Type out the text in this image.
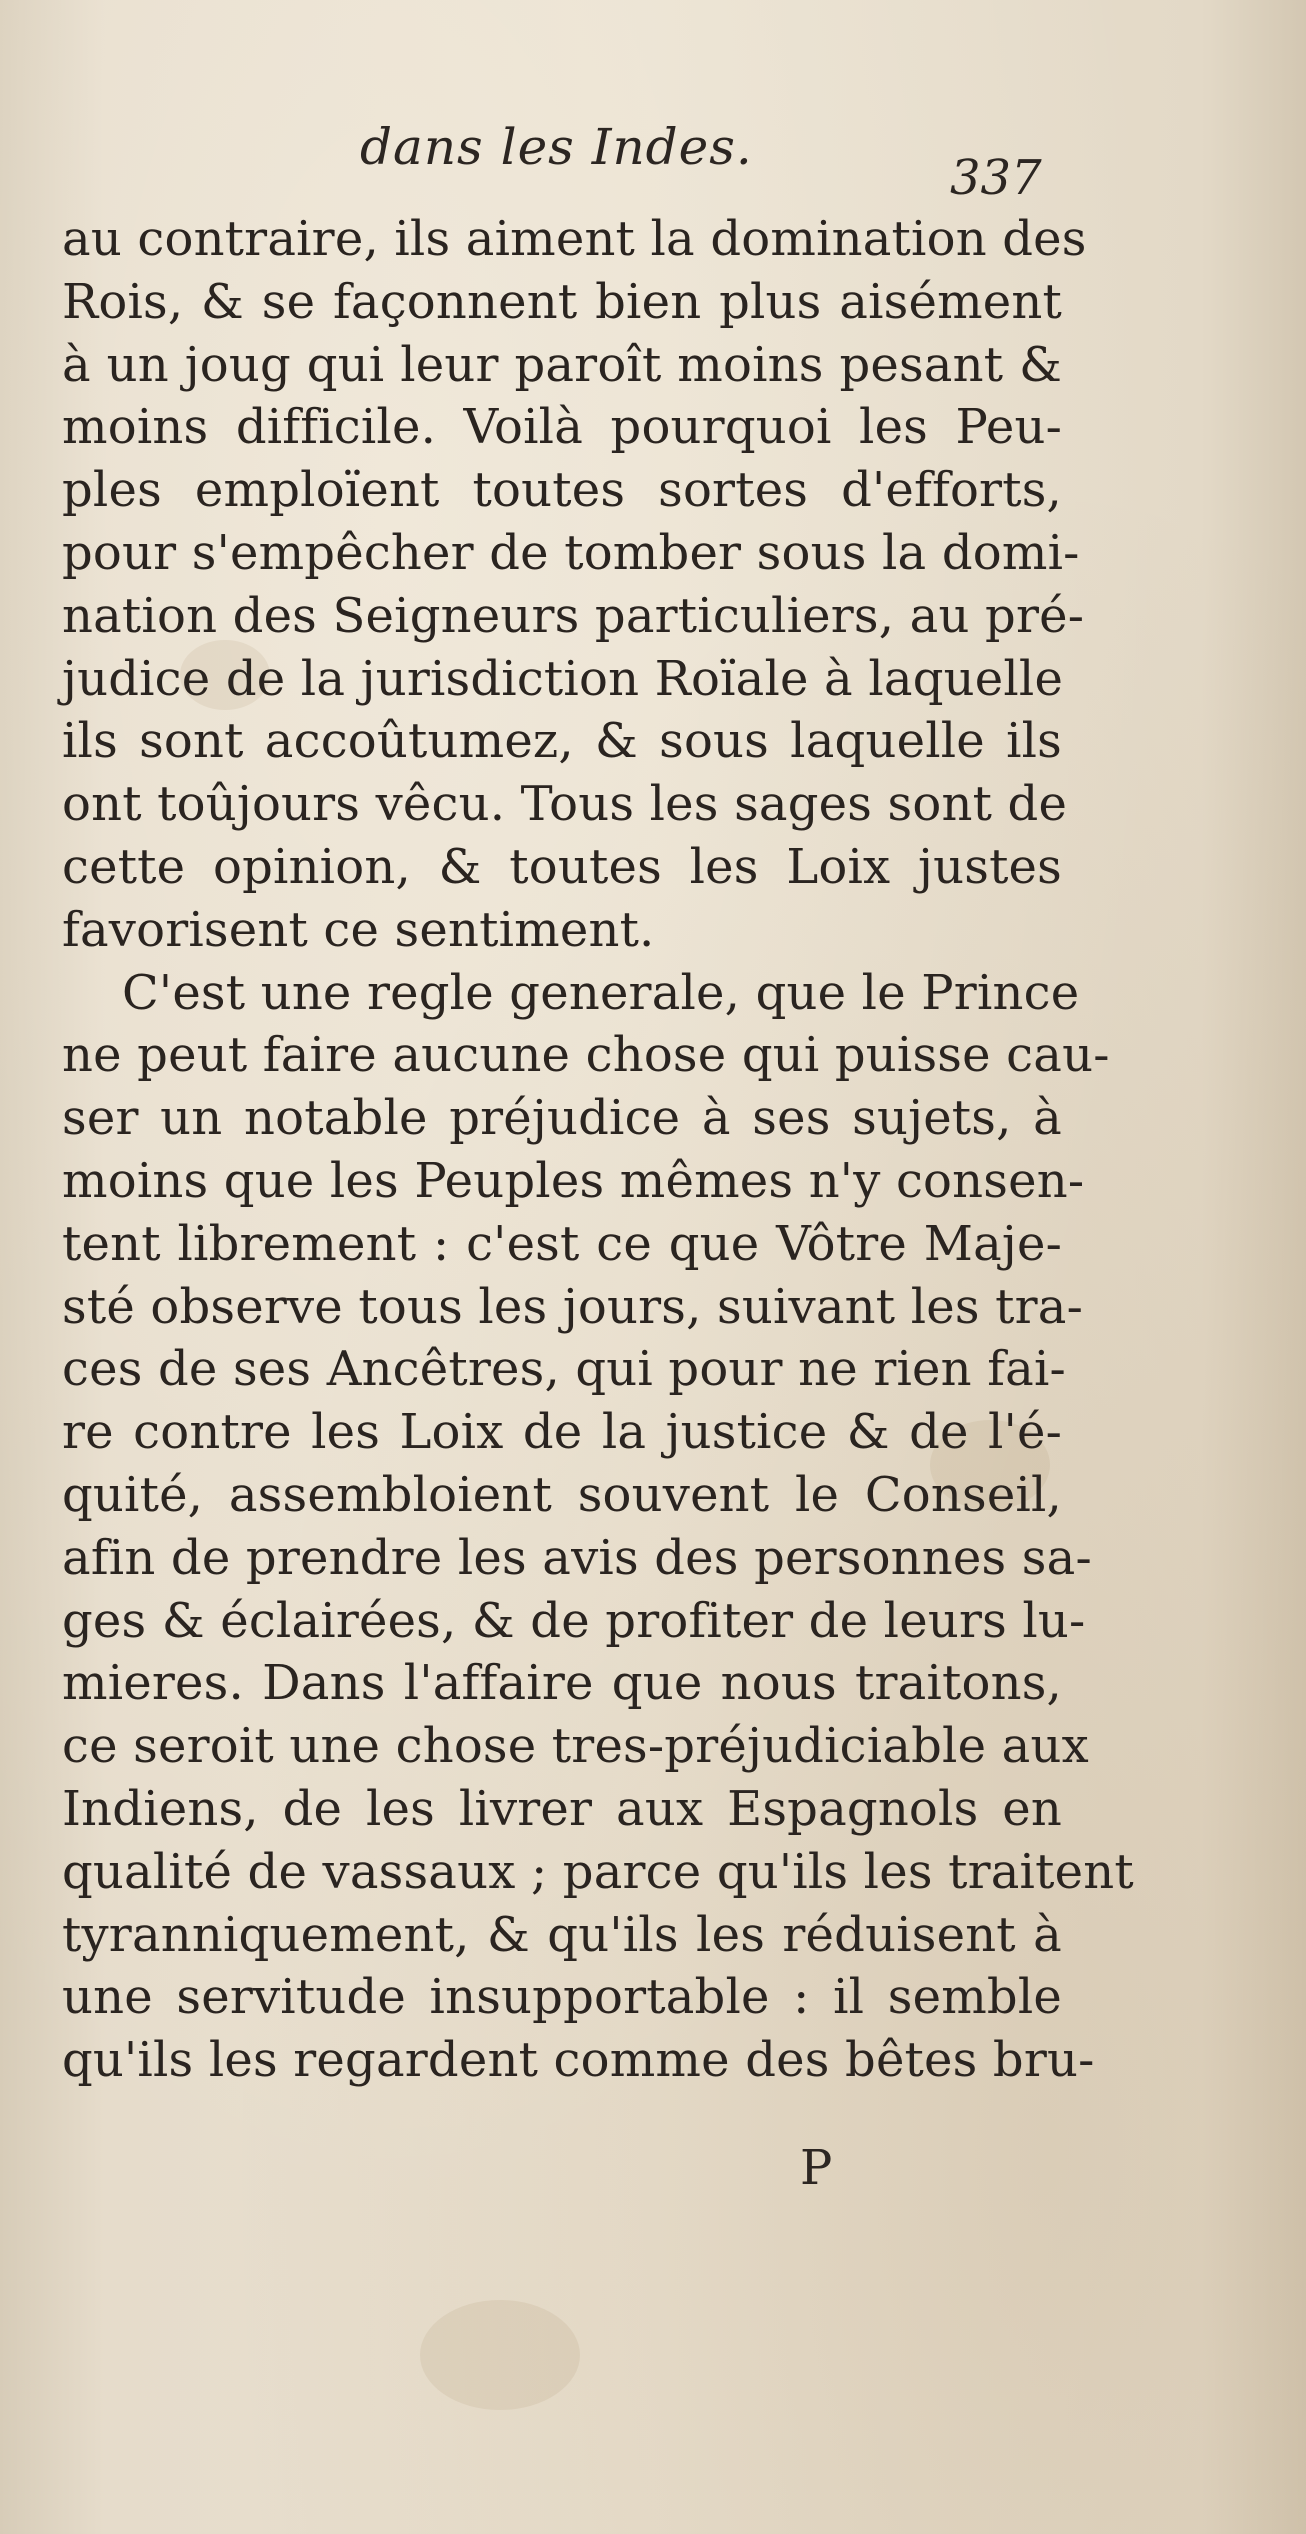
dans les Indes.
337
au contraire, ils aiment la domination des
Rois, & se façonnent bien plus aisément
à un joug qui leur paroît moins pesant &
moins difficile. Voilà pourquoi les Peu-
ples emploïent toutes sortes d'efforts,
pour s'empêcher de tomber sous la domi-
nation des Seigneurs particuliers, au pré-
judice de la jurisdiction Roïale à laquelle
ils sont accoûtumez, & sous laquelle ils
ont toûjours vêcu. Tous les sages sont de
cette opinion, & toutes les Loix justes
favorisent ce sentiment.
C'est une regle generale, que le Prince
ne peut faire aucune chose qui puisse cau-
ser un notable préjudice à ses sujets, à
moins que les Peuples mêmes n'y consen-
tent librement : c'est ce que Vôtre Maje-
sté observe tous les jours, suivant les tra-
ces de ses Ancêtres, qui pour ne rien fai-
re contre les Loix de la justice & de l'é-
quité, assembloient souvent le Conseil,
afin de prendre les avis des personnes sa-
ges & éclairées, & de profiter de leurs lu-
mieres. Dans l'affaire que nous traitons,
ce seroit une chose tres-préjudiciable aux
Indiens, de les livrer aux Espagnols en
qualité de vassaux ; parce qu'ils les traitent
tyranniquement, & qu'ils les réduisent à
une servitude insupportable : il semble
qu'ils les regardent comme des bêtes bru-
P
